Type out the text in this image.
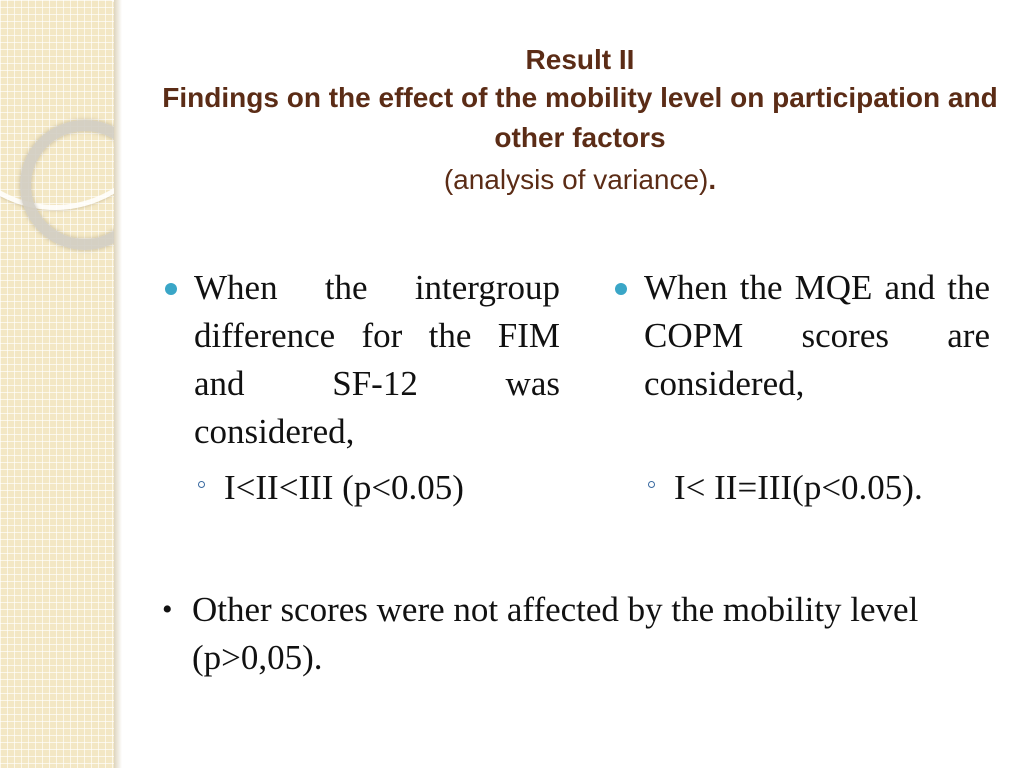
Result II
Findings on the effect of the mobility level on participation and other factors
(analysis of variance).
When the intergroup difference for the FIM and SF-12 was considered,
I<II<III (p<0.05)
When the MQE and the COPM scores are considered,
I< II=III(p<0.05).
• Other scores were not affected by the mobility level (p>0,05).
